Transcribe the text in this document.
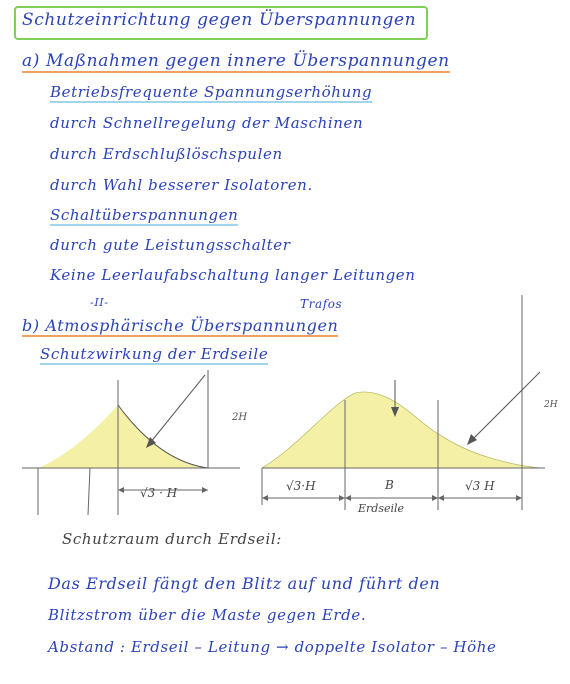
Schutzeinrichtung gegen Überspannungen
a) Maßnahmen gegen innere Überspannungen
Betriebsfrequente Spannungserhöhung
durch Schnellregelung der Maschinen
durch Erdschlußlöschspulen
durch Wahl besserer Isolatoren.
Schaltüberspannungen
durch gute Leistungsschalter
Keine Leerlaufabschaltung langer Leitungen
-II-	Trafos
b) Atmosphärische Überspannungen
Schutzwirkung der Erdseile
2H
√3 · H
2H
√3·H	B
Erdseile
√3 H
Schutzraum durch Erdseil:
Das Erdseil fängt den Blitz auf und führt den
Blitzstrom über die Maste gegen Erde.
Abstand : Erdseil – Leitung → doppelte Isolator – Höhe
